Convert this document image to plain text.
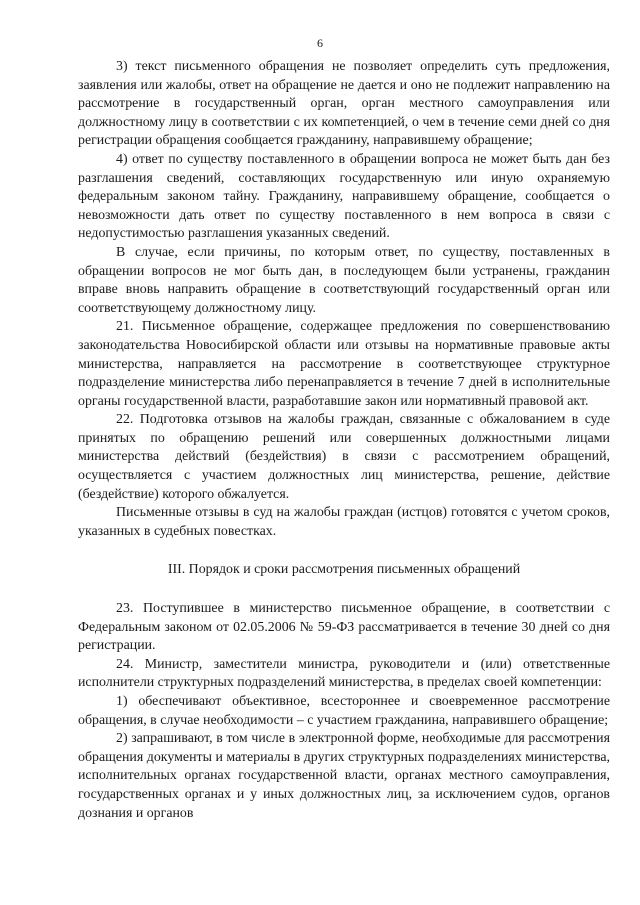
6

3) текст письменного обращения не позволяет определить суть предложения, заявления или жалобы, ответ на обращение не дается и оно не подлежит направлению на рассмотрение в государственный орган, орган местного самоуправления или должностному лицу в соответствии с их компетенцией, о чем в течение семи дней со дня регистрации обращения сообщается гражданину, направившему обращение;

4) ответ по существу поставленного в обращении вопроса не может быть дан без разглашения сведений, составляющих государственную или иную охраняемую федеральным законом тайну. Гражданину, направившему обращение, сообщается о невозможности дать ответ по существу поставленного в нем вопроса в связи с недопустимостью разглашения указанных сведений.

В случае, если причины, по которым ответ, по существу, поставленных в обращении вопросов не мог быть дан, в последующем были устранены, гражданин вправе вновь направить обращение в соответствующий государственный орган или соответствующему должностному лицу.

21. Письменное обращение, содержащее предложения по совершенствованию законодательства Новосибирской области или отзывы на нормативные правовые акты министерства, направляется на рассмотрение в соответствующее структурное подразделение министерства либо перенаправляется в течение 7 дней в исполнительные органы государственной власти, разработавшие закон или нормативный правовой акт.

22. Подготовка отзывов на жалобы граждан, связанные с обжалованием в суде принятых по обращению решений или совершенных должностными лицами министерства действий (бездействия) в связи с рассмотрением обращений, осуществляется с участием должностных лиц министерства, решение, действие (бездействие) которого обжалуется.

Письменные отзывы в суд на жалобы граждан (истцов) готовятся с учетом сроков, указанных в судебных повестках.

III. Порядок и сроки рассмотрения письменных обращений

23. Поступившее в министерство письменное обращение, в соответствии с Федеральным законом от 02.05.2006 № 59-ФЗ рассматривается в течение 30 дней со дня регистрации.

24. Министр, заместители министра, руководители и (или) ответственные исполнители структурных подразделений министерства, в пределах своей компетенции:

1) обеспечивают объективное, всестороннее и своевременное рассмотрение обращения, в случае необходимости – с участием гражданина, направившего обращение;

2) запрашивают, в том числе в электронной форме, необходимые для рассмотрения обращения документы и материалы в других структурных подразделениях министерства, исполнительных органах государственной власти, органах местного самоуправления, государственных органах и у иных должностных лиц, за исключением судов, органов дознания и органов
